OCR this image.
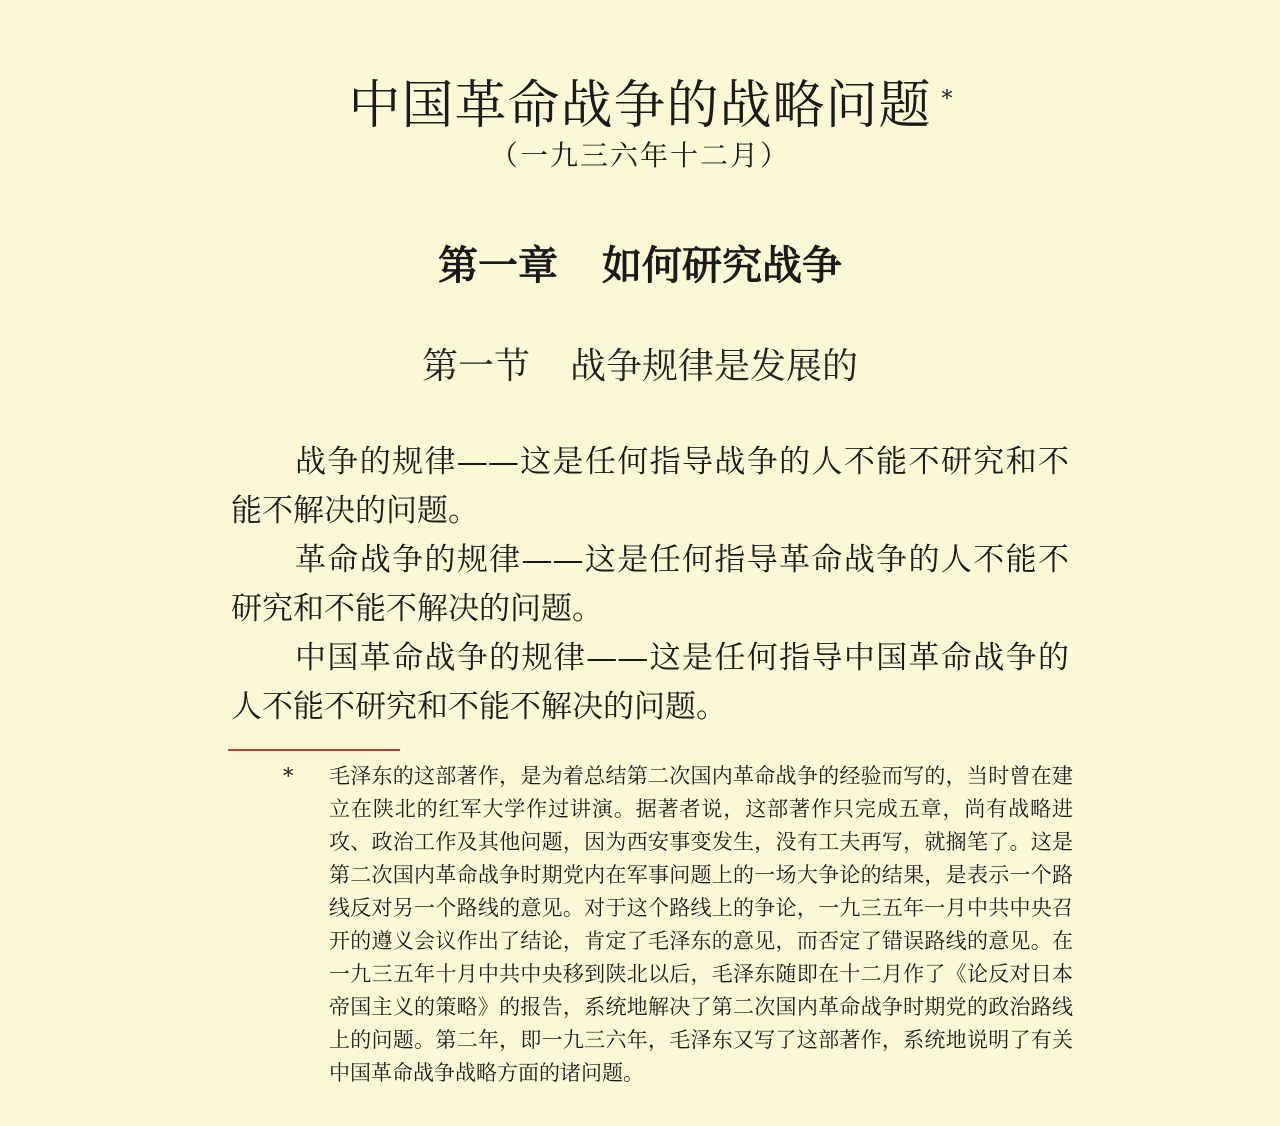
中国革命战争的战略问题 *
（一九三六年十二月）
第一章 如何研究战争
第一节 战争规律是发展的

战争的规律——这是任何指导战争的人不能不研究和不能不解决的问题。

革命战争的规律——这是任何指导革命战争的人不能不研究和不能不解决的问题。

中国革命战争的规律——这是任何指导中国革命战争的人不能不研究和不能不解决的问题。

*	毛泽东的这部著作，是为着总结第二次国内革命战争的经验而写的，当时曾在建立在陕北的红军大学作过讲演。据著者说，这部著作只完成五章，尚有战略进攻、政治工作及其他问题，因为西安事变发生，没有工夫再写，就搁笔了。这是第二次国内革命战争时期党内在军事问题上的一场大争论的结果，是表示一个路线反对另一个路线的意见。对于这个路线上的争论，一九三五年一月中共中央召开的遵义会议作出了结论，肯定了毛泽东的意见，而否定了错误路线的意见。在一九三五年十月中共中央移到陕北以后，毛泽东随即在十二月作了《论反对日本帝国主义的策略》的报告，系统地解决了第二次国内革命战争时期党的政治路线上的问题。第二年，即一九三六年，毛泽东又写了这部著作，系统地说明了有关中国革命战争战略方面的诸问题。
